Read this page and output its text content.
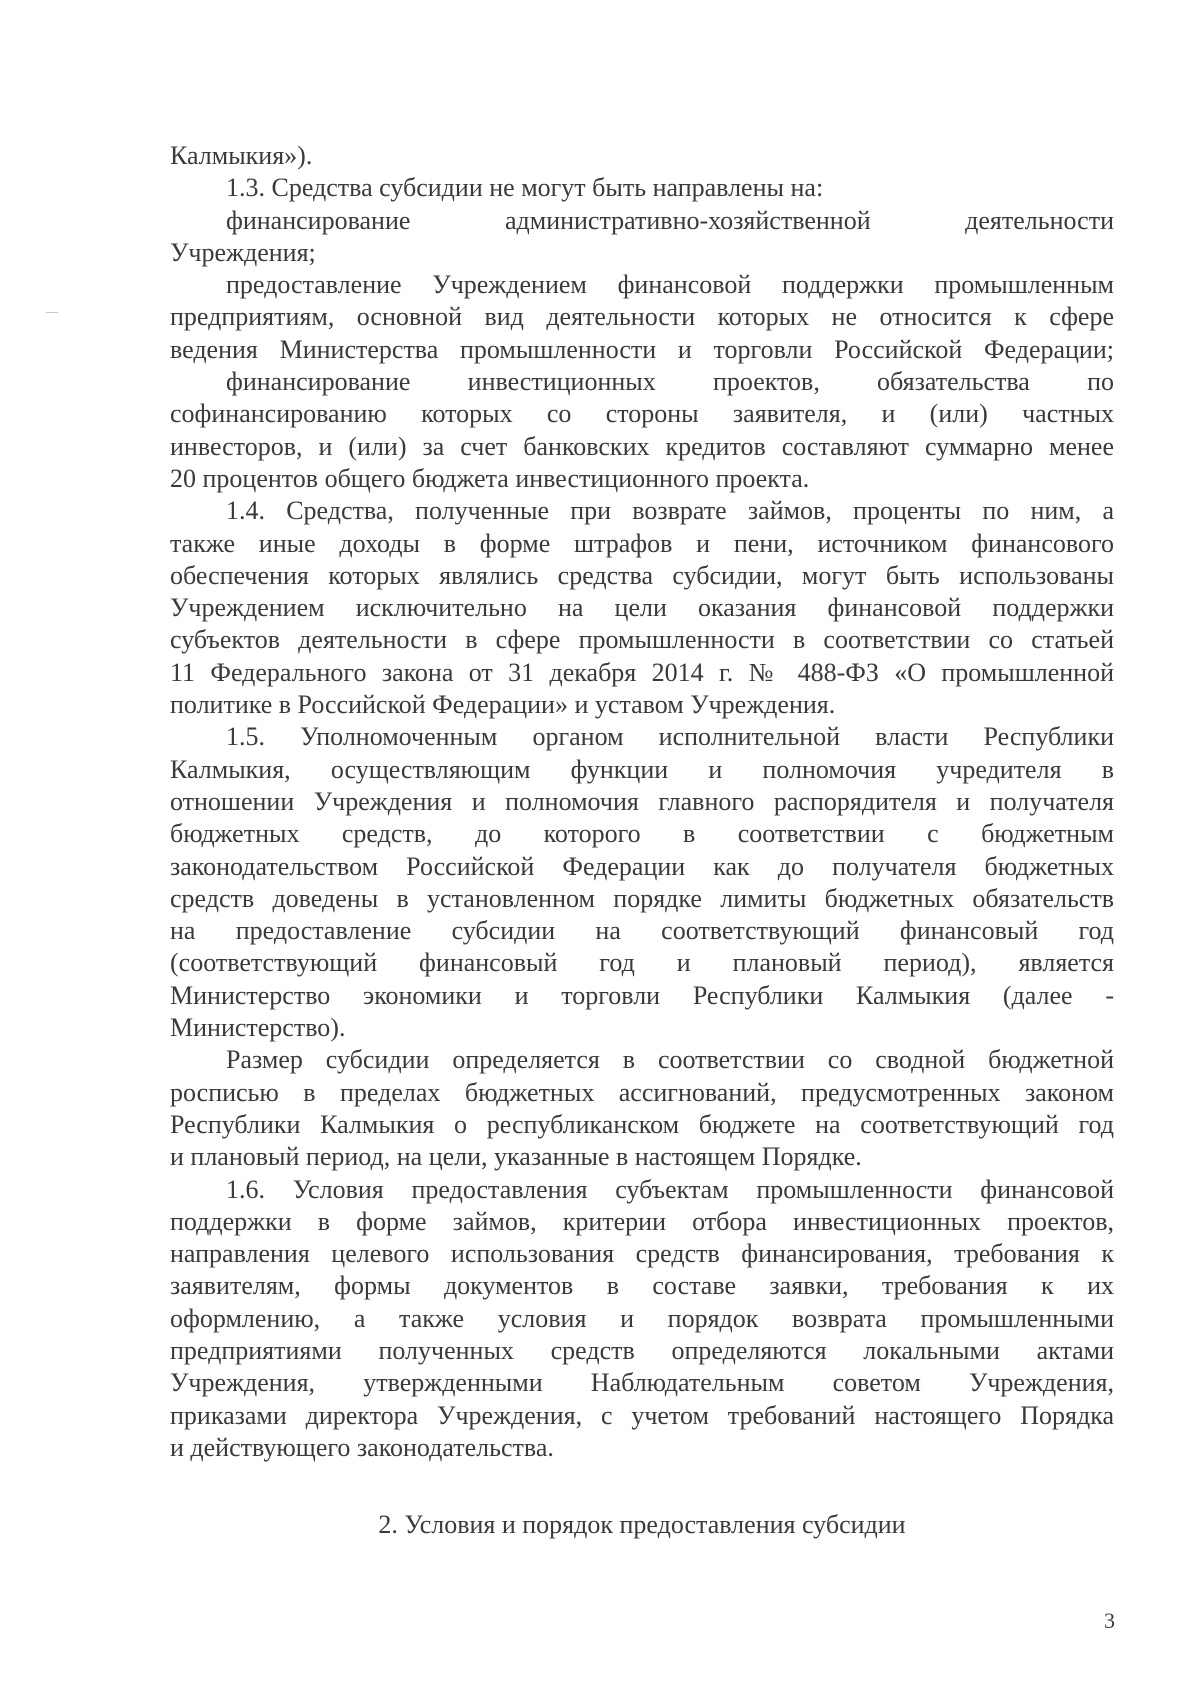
Калмыкия»).
1.3. Средства субсидии не могут быть направлены на:
финансирование административно-хозяйственной деятельности
Учреждения;
предоставление Учреждением финансовой поддержки промышленным
предприятиям, основной вид деятельности которых не относится к сфере
ведения Министерства промышленности и торговли Российской Федерации;
финансирование инвестиционных проектов, обязательства по
софинансированию которых со стороны заявителя, и (или) частных
инвесторов, и (или) за счет банковских кредитов составляют суммарно менее
20 процентов общего бюджета инвестиционного проекта.
1.4. Средства, полученные при возврате займов, проценты по ним, а
также иные доходы в форме штрафов и пени, источником финансового
обеспечения которых являлись средства субсидии, могут быть использованы
Учреждением исключительно на цели оказания финансовой поддержки
субъектов деятельности в сфере промышленности в соответствии со статьей
11 Федерального закона от 31 декабря 2014 г. № 488-ФЗ «О промышленной
политике в Российской Федерации» и уставом Учреждения.
1.5. Уполномоченным органом исполнительной власти Республики
Калмыкия, осуществляющим функции и полномочия учредителя в
отношении Учреждения и полномочия главного распорядителя и получателя
бюджетных средств, до которого в соответствии с бюджетным
законодательством Российской Федерации как до получателя бюджетных
средств доведены в установленном порядке лимиты бюджетных обязательств
на предоставление субсидии на соответствующий финансовый год
(соответствующий финансовый год и плановый период), является
Министерство экономики и торговли Республики Калмыкия (далее -
Министерство).
Размер субсидии определяется в соответствии со сводной бюджетной
росписью в пределах бюджетных ассигнований, предусмотренных законом
Республики Калмыкия о республиканском бюджете на соответствующий год
и плановый период, на цели, указанные в настоящем Порядке.
1.6. Условия предоставления субъектам промышленности финансовой
поддержки в форме займов, критерии отбора инвестиционных проектов,
направления целевого использования средств финансирования, требования к
заявителям, формы документов в составе заявки, требования к их
оформлению, а также условия и порядок возврата промышленными
предприятиями полученных средств определяются локальными актами
Учреждения, утвержденными Наблюдательным советом Учреждения,
приказами директора Учреждения, с учетом требований настоящего Порядка
и действующего законодательства.
2. Условия и порядок предоставления субсидии
3
